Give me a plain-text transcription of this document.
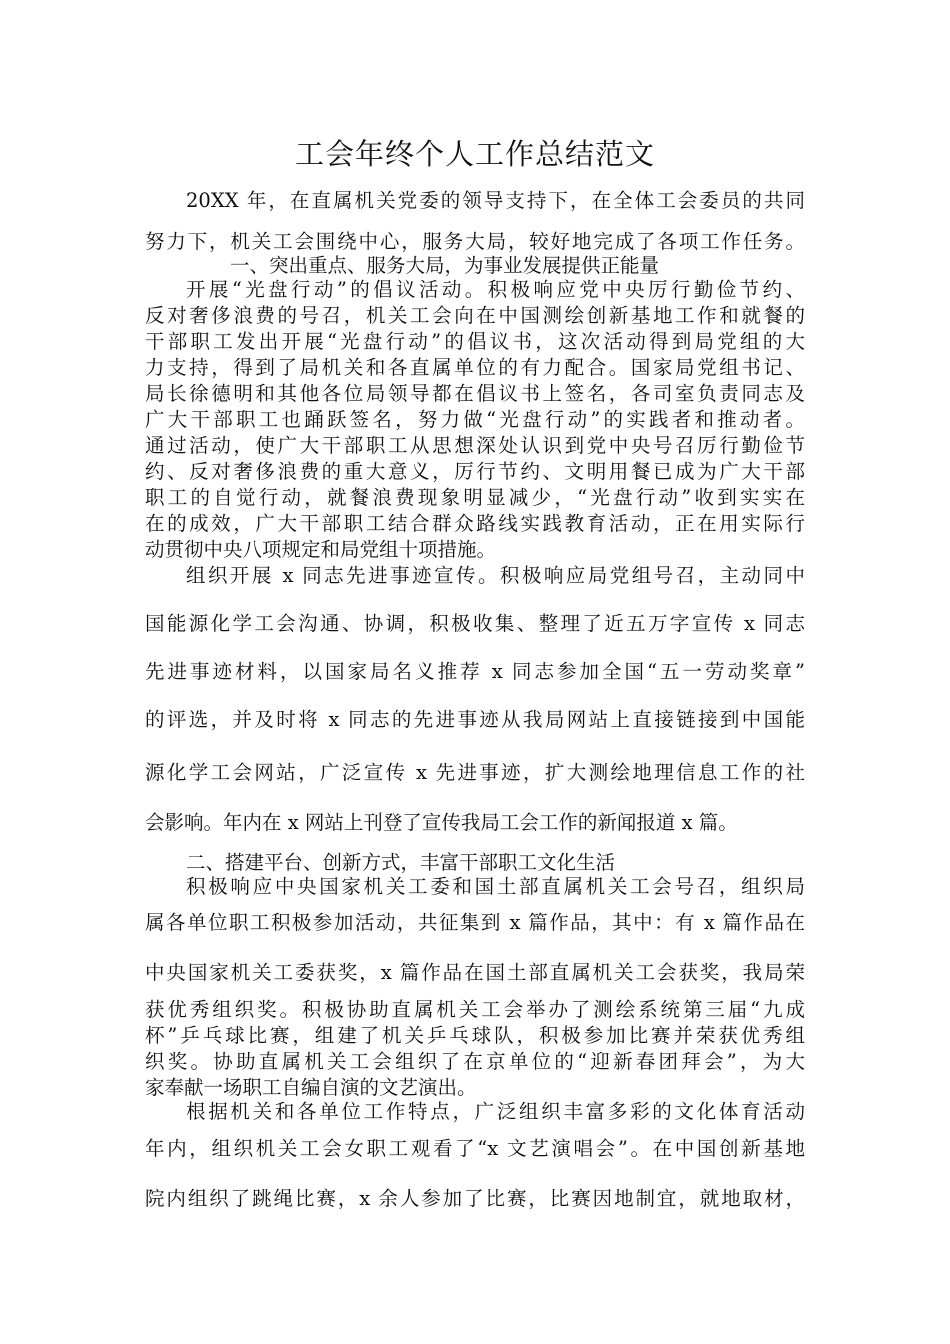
工会年终个人工作总结范文
20XX 年，在直属机关党委的领导支持下，在全体工会委员的共同
努力下，机关工会围绕中心，服务大局，较好地完成了各项工作任务。
一、突出重点、服务大局，为事业发展提供正能量
开展“光盘行动”的倡议活动。积极响应党中央厉行勤俭节约、
反对奢侈浪费的号召，机关工会向在中国测绘创新基地工作和就餐的
干部职工发出开展“光盘行动”的倡议书，这次活动得到局党组的大
力支持，得到了局机关和各直属单位的有力配合。国家局党组书记、
局长徐德明和其他各位局领导都在倡议书上签名，各司室负责同志及
广大干部职工也踊跃签名，努力做“光盘行动”的实践者和推动者。
通过活动，使广大干部职工从思想深处认识到党中央号召厉行勤俭节
约、反对奢侈浪费的重大意义，厉行节约、文明用餐已成为广大干部
职工的自觉行动，就餐浪费现象明显减少，“光盘行动”收到实实在
在的成效，广大干部职工结合群众路线实践教育活动，正在用实际行
动贯彻中央八项规定和局党组十项措施。
组织开展 x 同志先进事迹宣传。积极响应局党组号召，主动同中
国能源化学工会沟通、协调，积极收集、整理了近五万字宣传 x 同志
先进事迹材料，以国家局名义推荐 x 同志参加全国“五一劳动奖章”
的评选，并及时将 x 同志的先进事迹从我局网站上直接链接到中国能
源化学工会网站，广泛宣传 x 先进事迹，扩大测绘地理信息工作的社
会影响。年内在 x 网站上刊登了宣传我局工会工作的新闻报道 x 篇。
二、搭建平台、创新方式，丰富干部职工文化生活
积极响应中央国家机关工委和国土部直属机关工会号召，组织局
属各单位职工积极参加活动，共征集到 x 篇作品，其中：有 x 篇作品在
中央国家机关工委获奖，x 篇作品在国土部直属机关工会获奖，我局荣
获优秀组织奖。积极协助直属机关工会举办了测绘系统第三届“九成
杯”乒乓球比赛，组建了机关乒乓球队，积极参加比赛并荣获优秀组
织奖。协助直属机关工会组织了在京单位的“迎新春团拜会”，为大
家奉献一场职工自编自演的文艺演出。
根据机关和各单位工作特点，广泛组织丰富多彩的文化体育活动
年内，组织机关工会女职工观看了“x 文艺演唱会”。在中国创新基地
院内组织了跳绳比赛，x 余人参加了比赛，比赛因地制宜，就地取材，
